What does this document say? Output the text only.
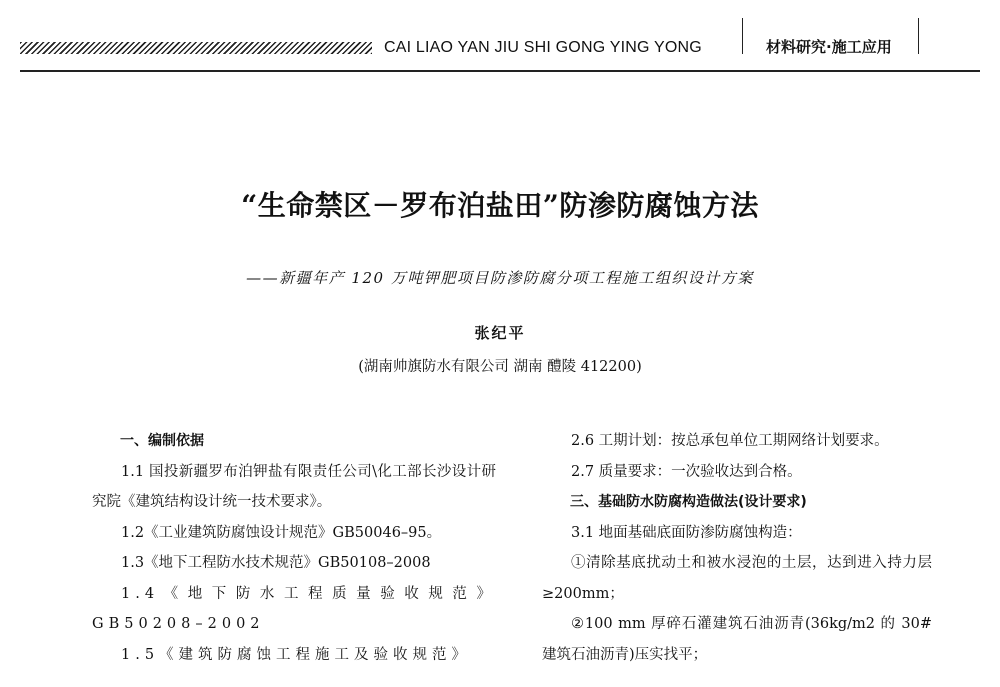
CAI LIAO YAN JIU SHI GONG YING YONG	材料研究·施工应用
“生命禁区－罗布泊盐田”防渗防腐蚀方法
——新疆年产 120 万吨钾肥项目防渗防腐分项工程施工组织设计方案
张纪平
(湖南帅旗防水有限公司 湖南 醴陵 412200)

一、编制依据

1.1 国投新疆罗布泊钾盐有限责任公司\化工部长沙设计研究院《建筑结构设计统一技术要求》。

1.2《工业建筑防腐蚀设计规范》GB50046–95。

1.3《地下工程防水技术规范》GB50108–2008

1.4《地下防水工程质量验收规范》GB50208–2002

1.5《建筑防腐蚀工程施工及验收规范》

2.6 工期计划：按总承包单位工期网络计划要求。

2.7 质量要求：一次验收达到合格。

三、基础防水防腐构造做法(设计要求)

3.1 地面基础底面防渗防腐蚀构造：

①清除基底扰动土和被水浸泡的土层，达到进入持力层≥200mm；

②100 mm 厚碎石灌建筑石油沥青(36kg/m2 的 30# 建筑石油沥青)压实找平；
